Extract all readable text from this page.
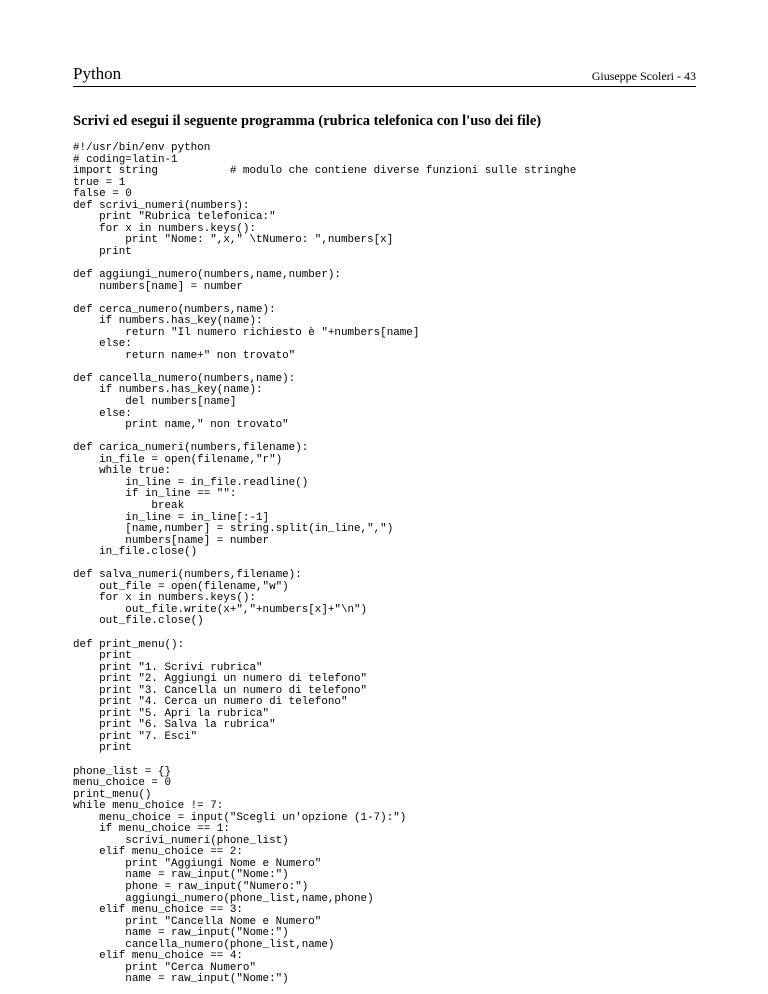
Python	Giuseppe Scoleri - 43
Scrivi ed esegui il seguente programma (rubrica telefonica con l'uso dei file)
#!/usr/bin/env python
# coding=latin-1
import string           # modulo che contiene diverse funzioni sulle stringhe
true = 1
false = 0
def scrivi_numeri(numbers):
print "Rubrica telefonica:"
for x in numbers.keys():
print "Nome: ",x," \tNumero: ",numbers[x]
print

def aggiungi_numero(numbers,name,number):
numbers[name] = number

def cerca_numero(numbers,name):
if numbers.has_key(name):
return "Il numero richiesto è "+numbers[name]
else:
return name+" non trovato"

def cancella_numero(numbers,name):
if numbers.has_key(name):
del numbers[name]
else:
print name," non trovato"

def carica_numeri(numbers,filename):
in_file = open(filename,"r")
while true:
in_line = in_file.readline()
if in_line == "":
break
in_line = in_line[:-1]
[name,number] = string.split(in_line,",")
numbers[name] = number
in_file.close()

def salva_numeri(numbers,filename):
out_file = open(filename,"w")
for x in numbers.keys():
out_file.write(x+","+numbers[x]+"\n")
out_file.close()

def print_menu():
print
print "1. Scrivi rubrica"
print "2. Aggiungi un numero di telefono"
print "3. Cancella un numero di telefono"
print "4. Cerca un numero di telefono"
print "5. Apri la rubrica"
print "6. Salva la rubrica"
print "7. Esci"
print

phone_list = {}
menu_choice = 0
print_menu()
while menu_choice != 7:
menu_choice = input("Scegli un'opzione (1-7):")
if menu_choice == 1:
scrivi_numeri(phone_list)
elif menu_choice == 2:
print "Aggiungi Nome e Numero"
name = raw_input("Nome:")
phone = raw_input("Numero:")
aggiungi_numero(phone_list,name,phone)
elif menu_choice == 3:
print "Cancella Nome e Numero"
name = raw_input("Nome:")
cancella_numero(phone_list,name)
elif menu_choice == 4:
print "Cerca Numero"
name = raw_input("Nome:")
